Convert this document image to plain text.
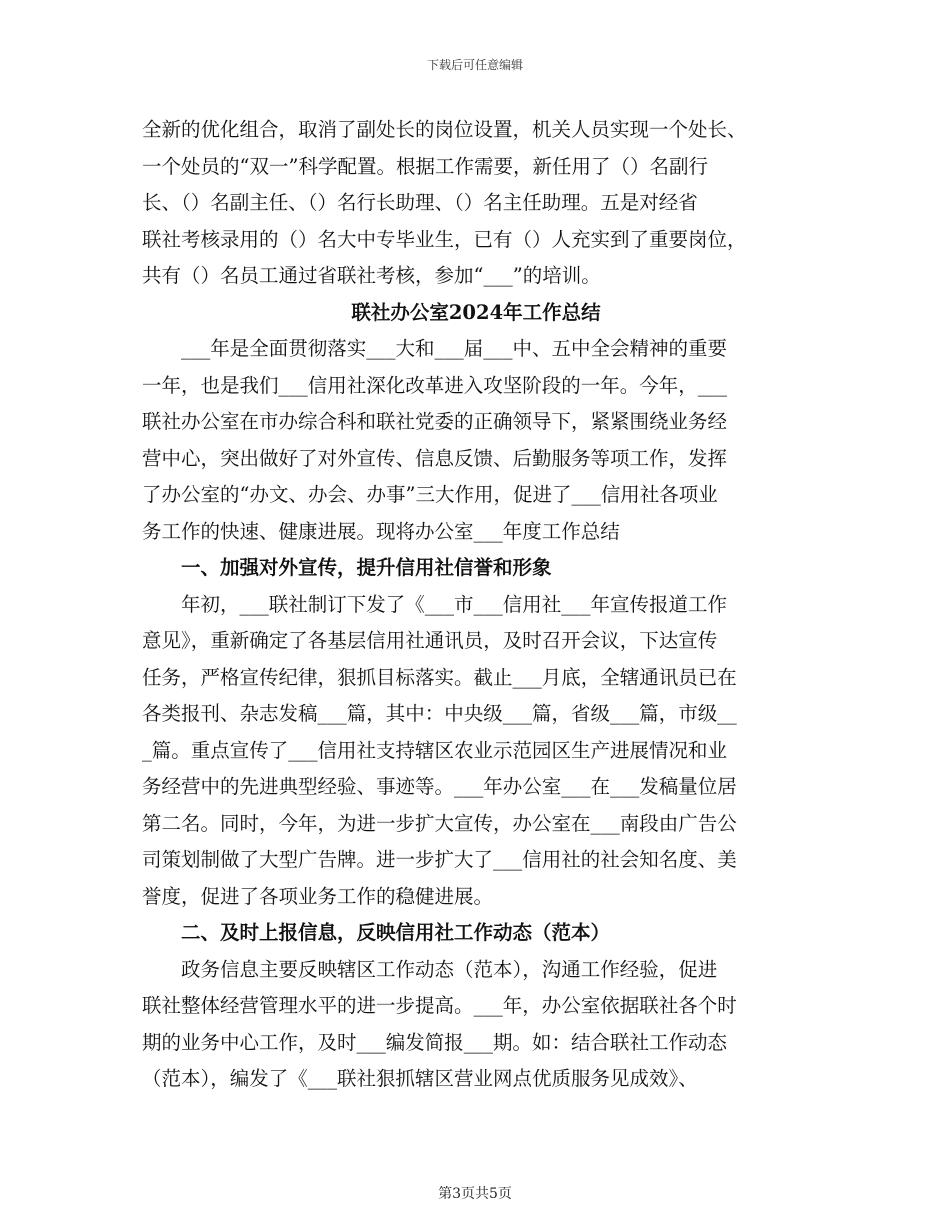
下载后可任意编辑
全新的优化组合，取消了副处长的岗位设置，机关人员实现一个处长、
一个处员的“双一”科学配置。根据工作需要，新任用了（）名副行
长、（）名副主任、（）名行长助理、（）名主任助理。五是对经省
联社考核录用的（）名大中专毕业生，已有（）人充实到了重要岗位，
共有（）名员工通过省联社考核，参加“___”的培训。
联社办公室2024年工作总结
___年是全面贯彻落实___大和___届___中、五中全会精神的重要
一年，也是我们___信用社深化改革进入攻坚阶段的一年。今年，___
联社办公室在市办综合科和联社党委的正确领导下，紧紧围绕业务经
营中心，突出做好了对外宣传、信息反馈、后勤服务等项工作，发挥
了办公室的“办文、办会、办事”三大作用，促进了___信用社各项业
务工作的快速、健康进展。现将办公室___年度工作总结
一、加强对外宣传，提升信用社信誉和形象
年初，___联社制订下发了《___市___信用社___年宣传报道工作
意见》，重新确定了各基层信用社通讯员，及时召开会议，下达宣传
任务，严格宣传纪律，狠抓目标落实。截止___月底，全辖通讯员已在
各类报刊、杂志发稿___篇，其中：中央级___篇，省级___篇，市级__
_篇。重点宣传了___信用社支持辖区农业示范园区生产进展情况和业
务经营中的先进典型经验、事迹等。___年办公室___在___发稿量位居
第二名。同时，今年，为进一步扩大宣传，办公室在___南段由广告公
司策划制做了大型广告牌。进一步扩大了___信用社的社会知名度、美
誉度，促进了各项业务工作的稳健进展。
二、及时上报信息，反映信用社工作动态（范本）
政务信息主要反映辖区工作动态（范本），沟通工作经验，促进
联社整体经营管理水平的进一步提高。___年，办公室依据联社各个时
期的业务中心工作，及时___编发简报___期。如：结合联社工作动态
（范本），编发了《___联社狠抓辖区营业网点优质服务见成效》、
第3页共5页
